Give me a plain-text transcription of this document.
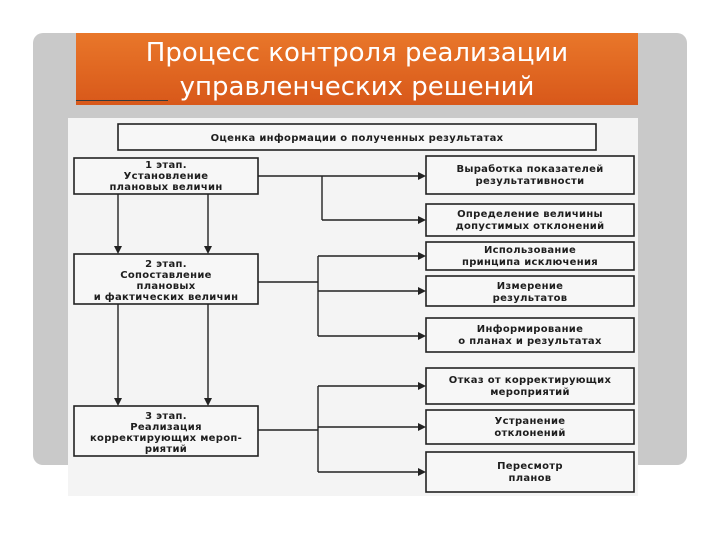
Процесс контроля реализации
управленческих решений
Оценка информации о полученных результатах
1 этап.
Установление
плановых величин
2 этап.
Сопоставление
плановых
и фактических величин
3 этап.
Реализация
корректирующих мероп-
риятий
Выработка показателей
результативности
Определение величины
допустимых отклонений
Использование
принципа исключения
Измерение
результатов
Информирование
о планах и результатах
Отказ от корректирующих
мероприятий
Устранение
отклонений
Пересмотр
планов
